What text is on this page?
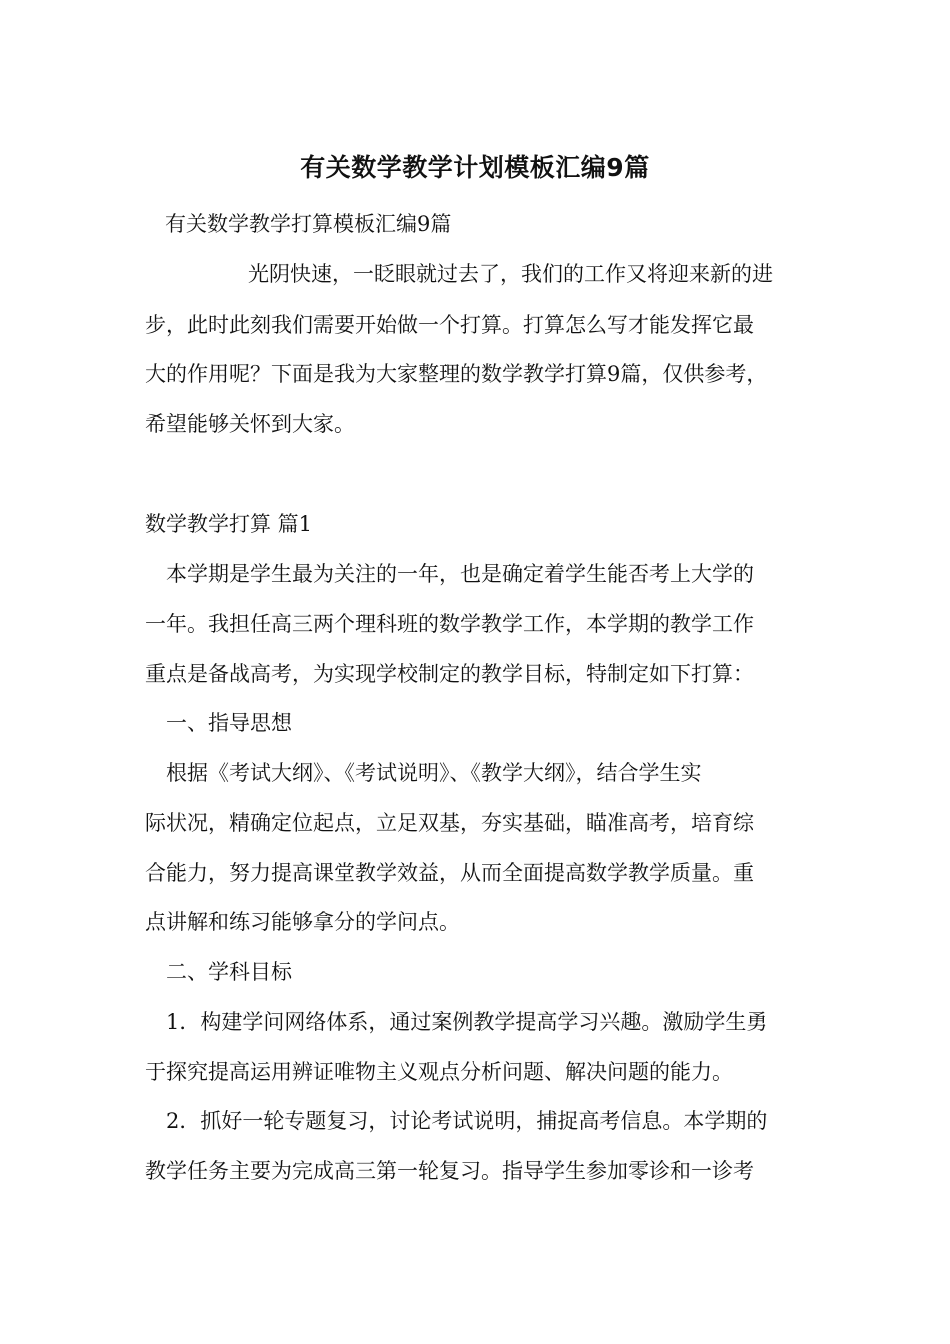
有关数学教学计划模板汇编9篇
有关数学教学打算模板汇编9篇
光阴快速，一眨眼就过去了，我们的工作又将迎来新的进
步，此时此刻我们需要开始做一个打算。打算怎么写才能发挥它最
大的作用呢？下面是我为大家整理的数学教学打算9篇，仅供参考，
希望能够关怀到大家。
数学教学打算 篇1
本学期是学生最为关注的一年，也是确定着学生能否考上大学的
一年。我担任高三两个理科班的数学教学工作，本学期的教学工作
重点是备战高考，为实现学校制定的教学目标，特制定如下打算：
一、指导思想
根据《考试大纲》、《考试说明》、《教学大纲》，结合学生实
际状况，精确定位起点，立足双基，夯实基础，瞄准高考，培育综
合能力，努力提高课堂教学效益，从而全面提高数学教学质量。重
点讲解和练习能够拿分的学问点。
二、学科目标
1．构建学问网络体系，通过案例教学提高学习兴趣。激励学生勇
于探究提高运用辨证唯物主义观点分析问题、解决问题的能力。
2．抓好一轮专题复习，讨论考试说明，捕捉高考信息。本学期的
教学任务主要为完成高三第一轮复习。指导学生参加零诊和一诊考
